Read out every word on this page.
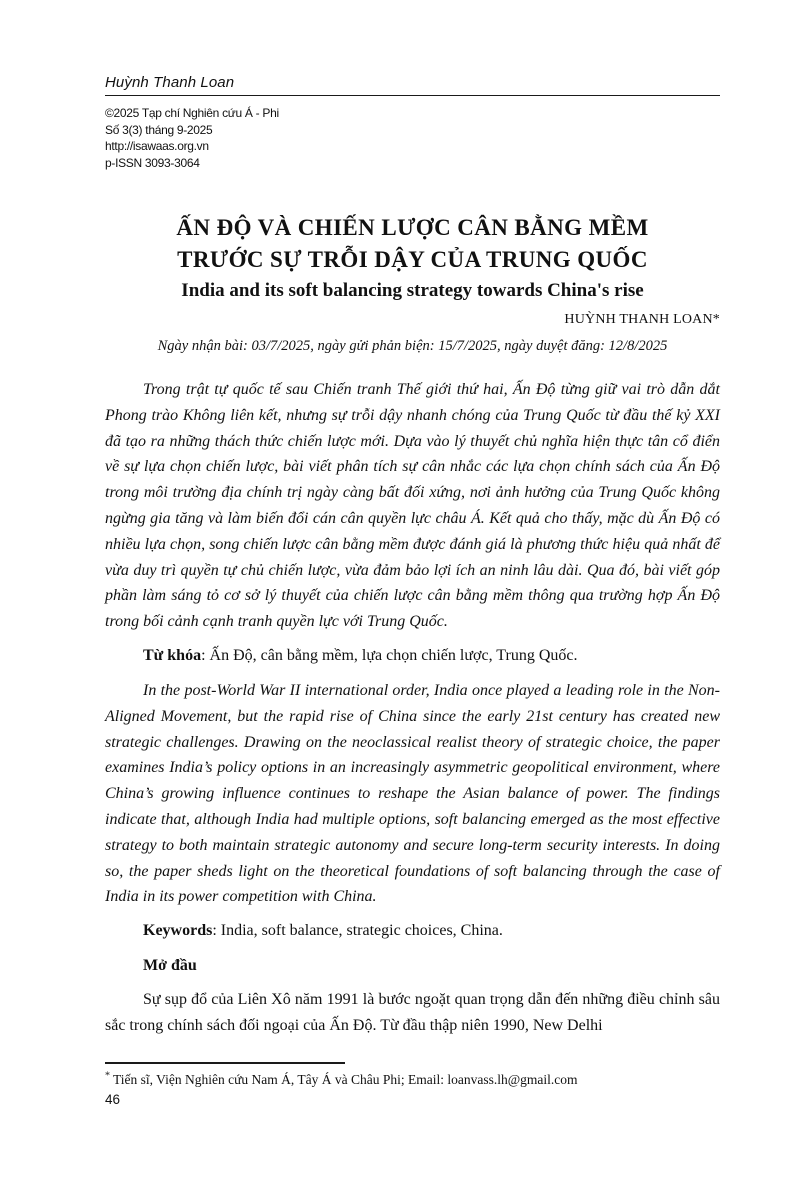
Huỳnh Thanh Loan
©2025 Tạp chí Nghiên cứu Á - Phi
Số 3(3) tháng 9-2025
http://isawaas.org.vn
p-ISSN 3093-3064
ẤN ĐỘ VÀ CHIẾN LƯỢC CÂN BẰNG MỀM
TRƯỚC SỰ TRỖI DẬY CỦA TRUNG QUỐC
India and its soft balancing strategy towards China's rise
HUỲNH THANH LOAN*
Ngày nhận bài: 03/7/2025, ngày gửi phản biện: 15/7/2025, ngày duyệt đăng: 12/8/2025

Trong trật tự quốc tế sau Chiến tranh Thế giới thứ hai, Ấn Độ từng giữ vai trò dẫn dắt Phong trào Không liên kết, nhưng sự trỗi dậy nhanh chóng của Trung Quốc từ đầu thế kỷ XXI đã tạo ra những thách thức chiến lược mới. Dựa vào lý thuyết chủ nghĩa hiện thực tân cổ điển về sự lựa chọn chiến lược, bài viết phân tích sự cân nhắc các lựa chọn chính sách của Ấn Độ trong môi trường địa chính trị ngày càng bất đối xứng, nơi ảnh hưởng của Trung Quốc không ngừng gia tăng và làm biến đổi cán cân quyền lực châu Á. Kết quả cho thấy, mặc dù Ấn Độ có nhiều lựa chọn, song chiến lược cân bằng mềm được đánh giá là phương thức hiệu quả nhất để vừa duy trì quyền tự chủ chiến lược, vừa đảm bảo lợi ích an ninh lâu dài. Qua đó, bài viết góp phần làm sáng tỏ cơ sở lý thuyết của chiến lược cân bằng mềm thông qua trường hợp Ấn Độ trong bối cảnh cạnh tranh quyền lực với Trung Quốc.

Từ khóa: Ấn Độ, cân bằng mềm, lựa chọn chiến lược, Trung Quốc.

In the post-World War II international order, India once played a leading role in the Non-Aligned Movement, but the rapid rise of China since the early 21st century has created new strategic challenges. Drawing on the neoclassical realist theory of strategic choice, the paper examines India’s policy options in an increasingly asymmetric geopolitical environment, where China’s growing influence continues to reshape the Asian balance of power. The findings indicate that, although India had multiple options, soft balancing emerged as the most effective strategy to both maintain strategic autonomy and secure long-term security interests. In doing so, the paper sheds light on the theoretical foundations of soft balancing through the case of India in its power competition with China.

Keywords: India, soft balance, strategic choices, China.

Mở đầu

Sự sụp đổ của Liên Xô năm 1991 là bước ngoặt quan trọng dẫn đến những điều chỉnh sâu sắc trong chính sách đối ngoại của Ấn Độ. Từ đầu thập niên 1990, New Delhi

* Tiến sĩ, Viện Nghiên cứu Nam Á, Tây Á và Châu Phi; Email: loanvass.lh@gmail.com
46
